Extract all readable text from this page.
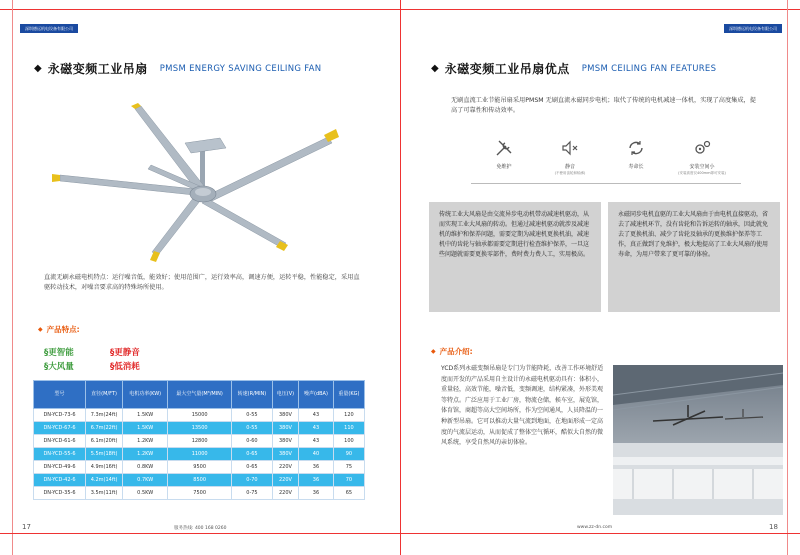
深圳德远机电设备有限公司
◆ 永磁变频工业吊扇 PMSM ENERGY SAVING CEILING FAN
直流无刷永磁电机特点：运行噪音低，能效好；使用范围广，运行效率高，调速方便，运转平稳，性能稳定，采用直驱转动技术，对噪音要求高的特殊场所使用。
◆ 产品特点:
§更智能	§更静音
§大风量	§低消耗
型号	直径(M/FT)	电机功率(KW)	最大空气量(M³/MIN)	转速(R/MIN)	电压(V)	噪声(dBA)	重量(KG)
DN-YCD-73-6	7.3m(24ft)	1.5KW	15000	0-55	380V	43	120
DN-YCD-67-6	6.7m(22ft)	1.5KW	13500	0-55	380V	43	110
DN-YCD-61-6	6.1m(20ft)	1.2KW	12800	0-60	380V	43	100
DN-YCD-55-6	5.5m(18ft)	1.2KW	11000	0-65	380V	40	90
DN-YCD-49-6	4.9m(16ft)	0.8KW	9500	0-65	220V	36	75
DN-YCD-42-6	4.2m(14ft)	0.7KW	8500	0-70	220V	36	70
DN-YCD-35-6	3.5m(11ft)	0.5KW	7500	0-75	220V	36	65
17	服务热线: 400 168 0260
深圳德远机电设备有限公司
◆ 永磁变频工业吊扇优点 PMSM CEILING FAN FEATURES
无刷直流工业节能吊扇采用PMSM 无刷直流永磁同步电机；取代了传统的电机减速一体机，实现了高度集成，提高了可靠性和传动效率。
免维护	静音
(不使用齿轮和轴承)
寿命长	安装空间小
(安装高度仅400mm即可安装)
传统工业大风扇是由交流异步电动机带动减速机驱动，从而实现工业大风扇的转动。但通过减速机驱动就涉及减速机的维护和保养问题，需要定期为减速机更换机油，减速机中的齿轮与轴承都需要定期进行检查维护保养，一旦这些问题就需要更换零部件，费时费力费人工，实用极高。
永磁同步电机直驱的工业大风扇由于由电机直接驱动，省去了减速机环节，没有齿轮和告诉运转的轴承，因此就免去了更换机油、减少了齿轮及轴承的更换维护保养等工作，真正做到了免维护，极大地提高了工业大风扇的使用寿命，为用户带来了更可靠的体验。
◆ 产品介绍:
YCD系列永磁变频吊扇是专门为节能降耗，改善工作环境舒适度而开发的产品采用自主设计的永磁电机驱动具有：体积小，重量轻，高效节能，噪音低，变频调速，结构紧凑，外形美观等特点。广泛应用于工业厂房，物流仓储，候车室，展览馆，体育馆，商超等高大空间场所，作为空间通风，人员降温的一种新型吊扇。它可以推动大量气流到地面，在地面形成一定高度的气流层运动，从而促成了整体空气循环，酷似大自然的微风系统，享受自然风的亲切体验。
www.zz-dn.com	18
